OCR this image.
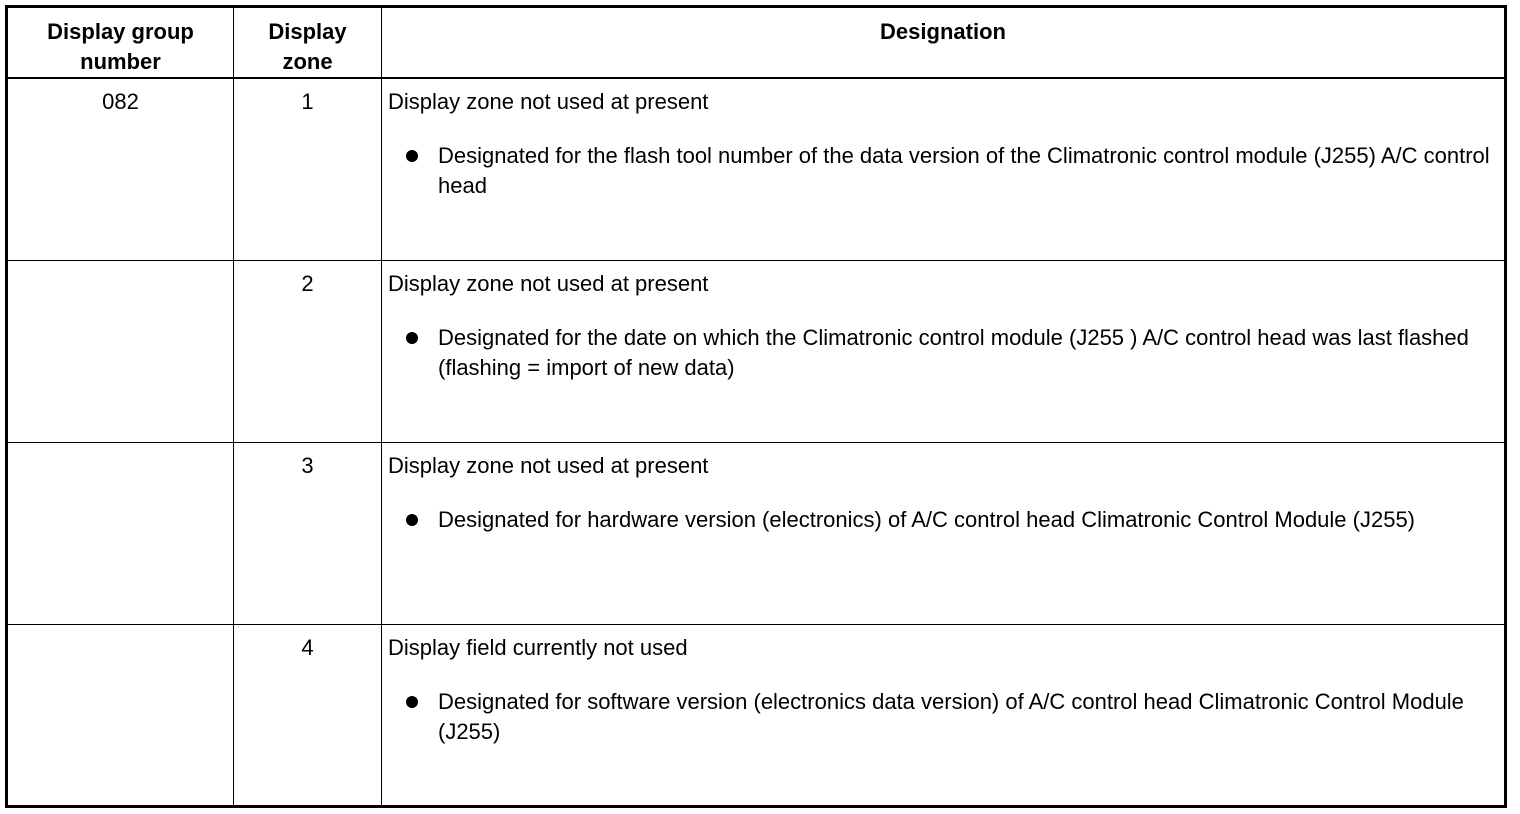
Display group number	Display zone	Designation
082	1	Display zone not used at present
Designated for the flash tool number of the data version of the Climatronic control module (J255) A/C control head

	2	Display zone not used at present
Designated for the date on which the Climatronic control module (J255 ) A/C control head was last flashed (flashing = import of new data)

	3	Display zone not used at present
Designated for hardware version (electronics) of A/C control head Climatronic Control Module (J255)

	4	Display field currently not used
Designated for software version (electronics data version) of A/C control head Climatronic Control Module (J255)
